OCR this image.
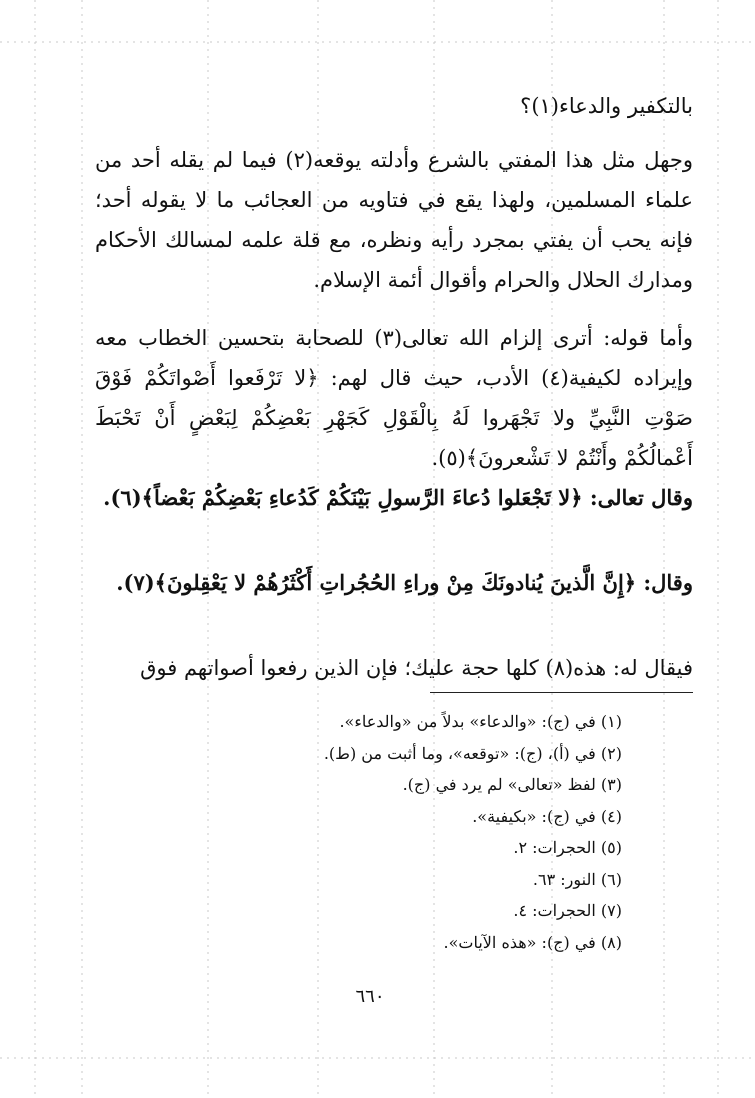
بالتكفير والدعاء(١)؟

وجهل مثل هذا المفتي بالشرع وأدلته يوقعه(٢) فيما لم يقله أحد من علماء المسلمين، ولهذا يقع في فتاويه من العجائب ما لا يقوله أحد؛ فإنه يحب أن يفتي بمجرد رأيه ونظره، مع قلة علمه لمسالك الأحكام ومدارك الحلال والحرام وأقوال أئمة الإسلام.

وأما قوله: أترى إلزام الله تعالى(٣) للصحابة بتحسين الخطاب معه وإيراده لكيفية(٤) الأدب، حيث قال لهم: ﴿لا تَرْفَعوا أَصْواتَكُمْ فَوْقَ صَوْتِ النَّبِيِّ ولا تَجْهَروا لَهُ بِالْقَوْلِ كَجَهْرِ بَعْضِكُمْ لِبَعْضٍ أَنْ تَحْبَطَ أَعْمالُكُمْ وأَنْتُمْ لا تَشْعرونَ﴾(٥).

وقال تعالى: ﴿لا تَجْعَلوا دُعاءَ الرَّسولِ بَيْنَكُمْ كَدُعاءِ بَعْضِكُمْ بَعْضاً﴾(٦).

وقال: ﴿إِنَّ الَّذينَ يُنادونَكَ مِنْ وراءِ الحُجُراتِ أَكْثَرُهُمْ لا يَعْقِلونَ﴾(٧).

فيقال له: هذه(٨) كلها حجة عليك؛ فإن الذين رفعوا أصواتهم فوق

(١) في (ج): «والدعاء» بدلاً من «والدعاء».
(٢) في (أ)، (ج): «توقعه»، وما أثبت من (ط).
(٣) لفظ «تعالى» لم يرد في (ج).
(٤) في (ج): «بكيفية».
(٥) الحجرات: ٢.
(٦) النور: ٦٣.
(٧) الحجرات: ٤.
(٨) في (ج): «هذه الآيات».
٦٦٠
